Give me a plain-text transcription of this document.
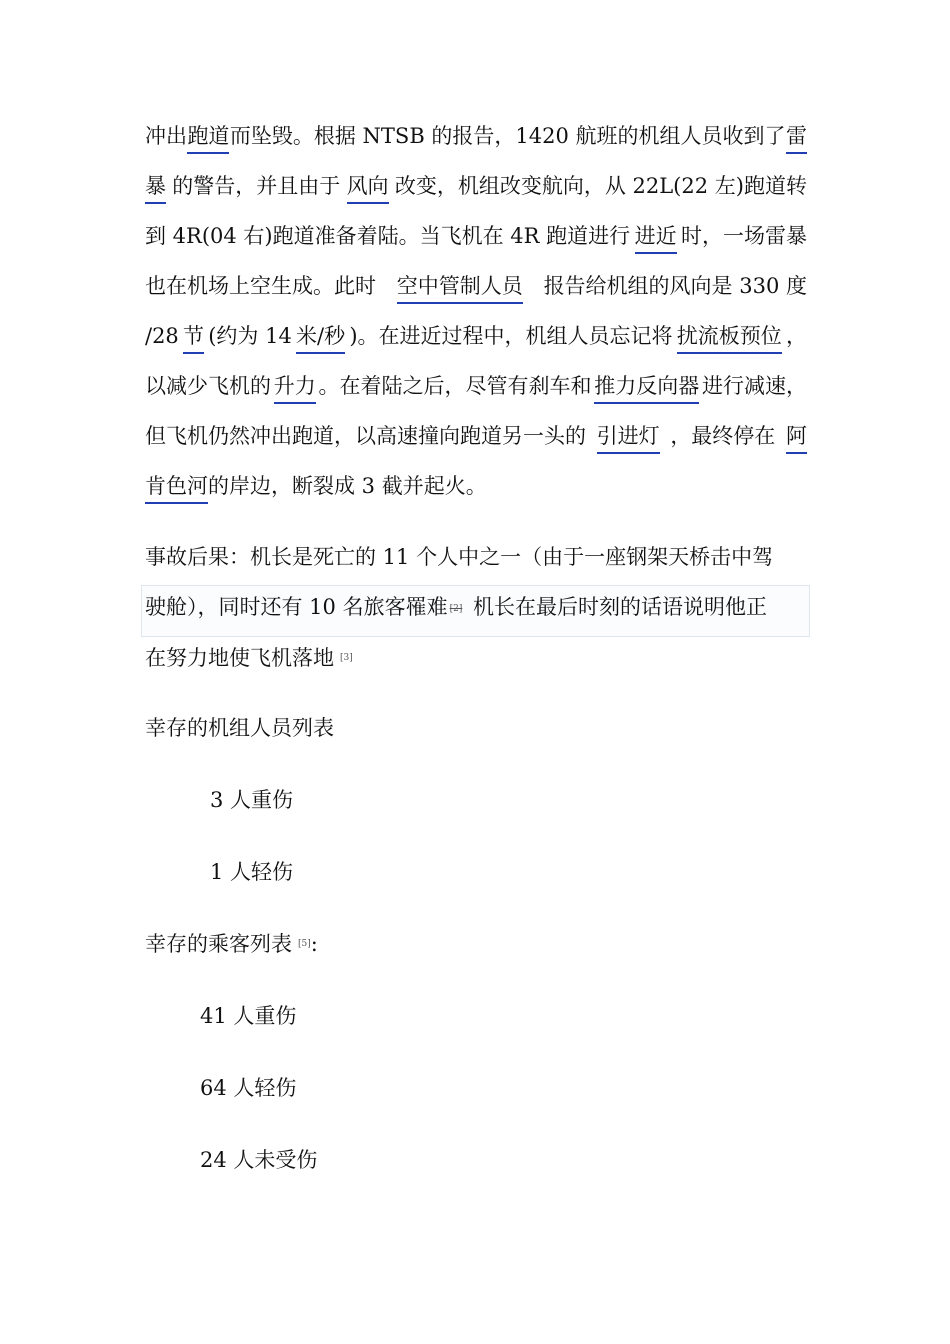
冲出 跑道 而坠毁。根据 NTSB 的报告，1420 航班的机组人员收到了 雷
暴 的警告，并且由于 风向 改变，机组改变航向，从 22L(22 左)跑道转
到 4R(04 右)跑道准备着陆。当飞机在 4R 跑道进行 进近 时，一场雷暴
也在机场上空生成。此时 空中管制人员 报告给机组的风向是 330 度
/28 节 (约为 14 米/秒 )。在进近过程中，机组人员忘记将 扰流板预位 ，
以减少飞机的 升力 。在着陆之后，尽管有刹车和 推力反向器 进行减速，
但飞机仍然冲出跑道，以高速撞向跑道另一头的 引进灯 ，最终停在 阿
肯色河的岸边，断裂成 3 截并起火。
事故后果：机长是死亡的 11 个人中之一（由于一座钢架天桥击中驾
驶舱），同时还有 10 名旅客罹难 [2] 机长在最后时刻的话语说明他正
在努力地使飞机落地 [3]
幸存的机组人员列表
3 人重伤
1 人轻伤
幸存的乘客列表 [5]:
41 人重伤
64 人轻伤
24 人未受伤
